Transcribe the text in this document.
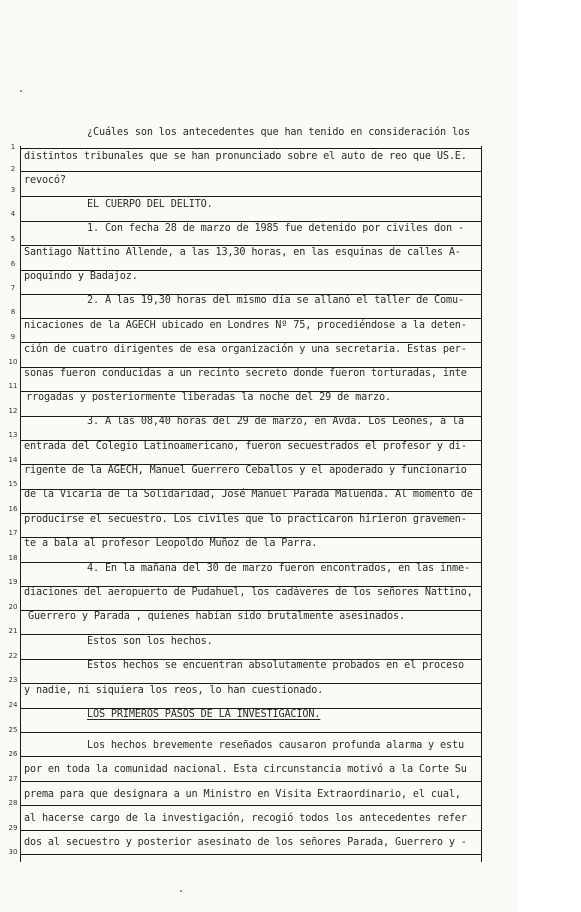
1
2
3
4
5
6
7
8
9
10
11
12
13
14
15
16
17
18
19
20
21
22
23
24
25
26
27
28
29
30
¿Cuáles son los antecedentes que han tenido en consideración los
distintos tribunales que se han pronunciado sobre el auto de reo que US.E.
revocó?
EL CUERPO DEL DELITO.
1. Con fecha 28 de marzo de 1985 fue detenido por civiles don -
Santiago Nattino Allende, a las 13,30 horas, en las esquinas de calles A-
poquindo y Badajoz.
2. A las 19,30 horas del mismo día se allanó el taller de Comu-
nicaciones de la AGECH ubicado en Londres Nº 75, procediéndose a la deten-
ción de cuatro dirigentes de esa organización y una secretaria. Estas per-
sonas fueron conducidas a un recinto secreto donde fueron torturadas, inte
rrogadas y posteriormente liberadas la noche del 29 de marzo.
3. A las 08,40 horas del 29 de marzo, en Avda. Los Leones, a la
entrada del Colegio Latinoamericano, fueron secuestrados el profesor y di-
rigente de la AGECH, Manuel Guerrero Ceballos y el apoderado y funcionario
de la Vicaría de la Solidaridad, José Manuel Parada Maluenda. Al momento de
producirse el secuestro. Los civiles que lo practicaron hirieron gravemen-
te a bala al profesor Leopoldo Muñoz de la Parra.
4. En la mañana del 30 de marzo fueron encontrados, en las inme-
diaciones del aeropuerto de Pudahuel, los cadáveres de los señores Nattino,
Guerrero y Parada , quienes habían sido brutalmente asesinados.
Estos son los hechos.
Estos hechos se encuentran absolutamente probados en el proceso
y nadie, ni siquiera los reos, lo han cuestionado.
LOS PRIMEROS PASOS DE LA INVESTIGACION.
Los hechos brevemente reseñados causaron profunda alarma y estu
por en toda la comunidad nacional. Esta circunstancia motivó a la Corte Su
prema para que designara a un Ministro en Visita Extraordinario, el cual,
al hacerse cargo de la investigación, recogió todos los antecedentes refer
dos al secuestro y posterior asesinato de los señores Parada, Guerrero y -
